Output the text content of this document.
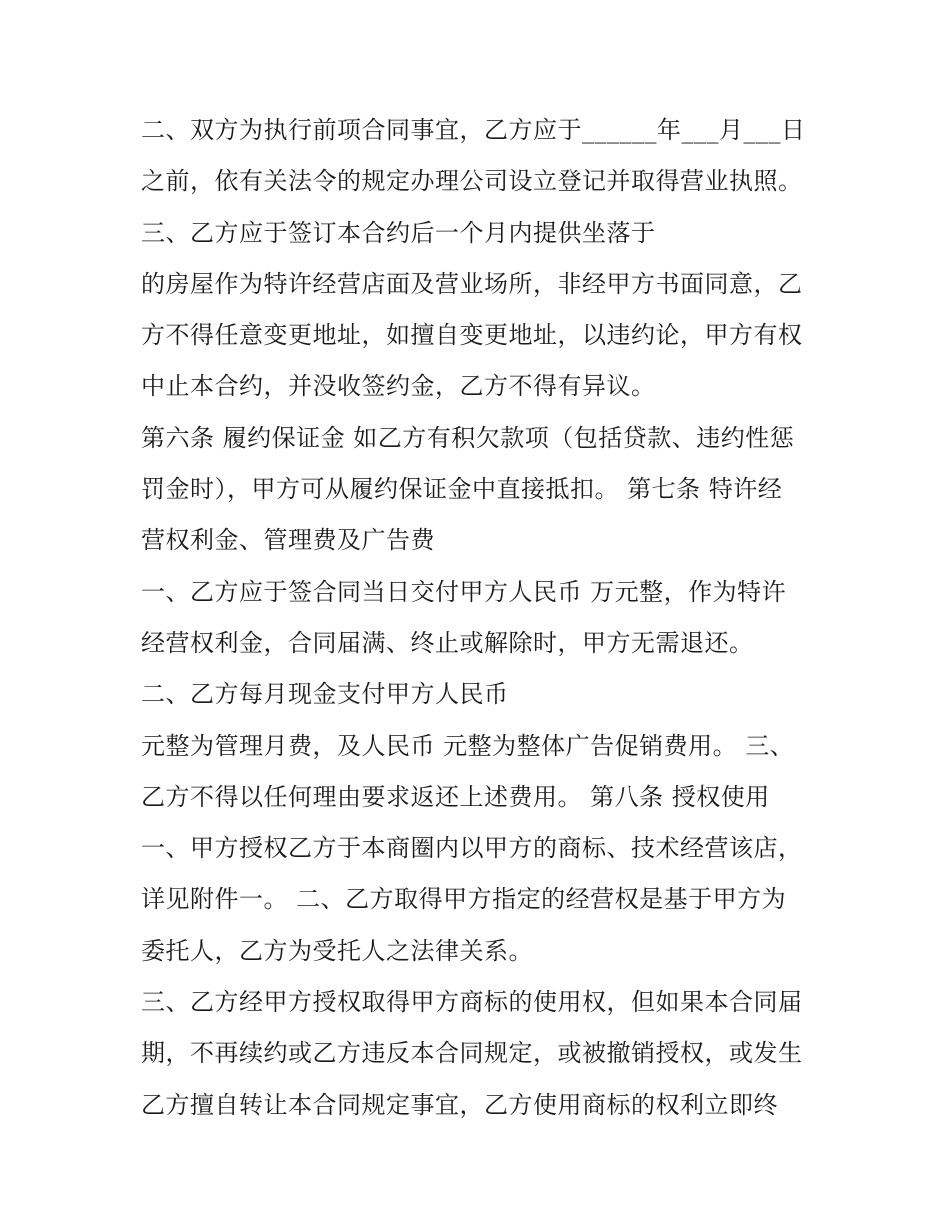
二、双方为执行前项合同事宜，乙方应于______年___月___日
之前，依有关法令的规定办理公司设立登记并取得营业执照。
三、乙方应于签订本合约后一个月内提供坐落于
的房屋作为特许经营店面及营业场所，非经甲方书面同意，乙
方不得任意变更地址，如擅自变更地址，以违约论，甲方有权
中止本合约，并没收签约金，乙方不得有异议。
第六条 履约保证金 如乙方有积欠款项（包括贷款、违约性惩
罚金时），甲方可从履约保证金中直接抵扣。 第七条 特许经
营权利金、管理费及广告费
一、乙方应于签合同当日交付甲方人民币 万元整，作为特许
经营权利金，合同届满、终止或解除时，甲方无需退还。
二、乙方每月现金支付甲方人民币
元整为管理月费，及人民币 元整为整体广告促销费用。 三、
乙方不得以任何理由要求返还上述费用。 第八条 授权使用
一、甲方授权乙方于本商圈内以甲方的商标、技术经营该店，
详见附件一。 二、乙方取得甲方指定的经营权是基于甲方为
委托人，乙方为受托人之法律关系。
三、乙方经甲方授权取得甲方商标的使用权，但如果本合同届
期，不再续约或乙方违反本合同规定，或被撤销授权，或发生
乙方擅自转让本合同规定事宜，乙方使用商标的权利立即终
